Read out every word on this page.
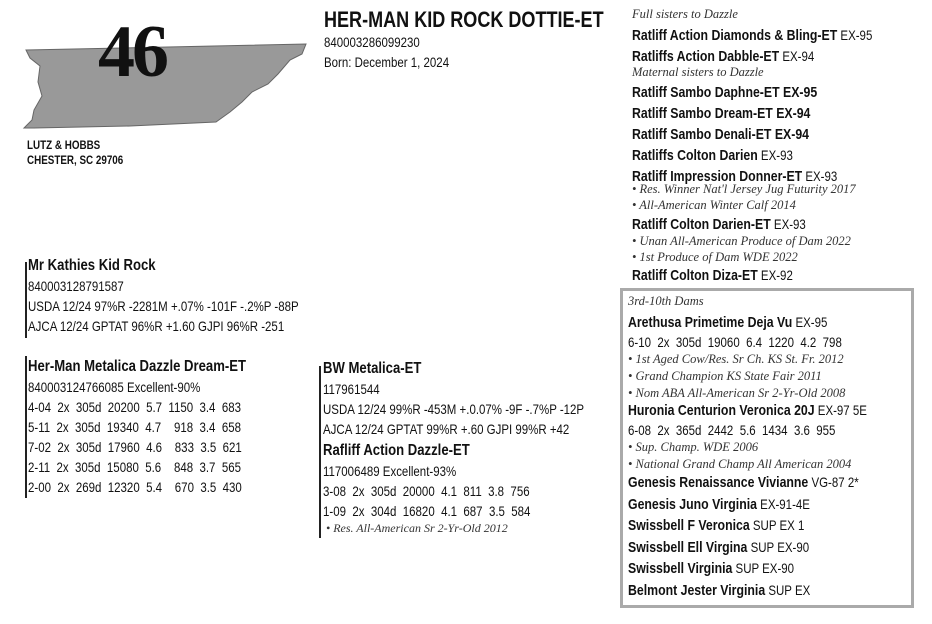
46
LUTZ & HOBBS
CHESTER, SC 29706
HER-MAN KID ROCK DOTTIE-ET
840003286099230
Born: December 1, 2024
Mr Kathies Kid Rock
840003128791587
USDA 12/24 97%R -2281M +.07% -101F -.2%P -88P
AJCA 12/24 GPTAT 96%R +1.60 GJPI 96%R -251
Her-Man Metalica Dazzle Dream-ET
840003124766085 Excellent-90%
4-04  2x  305d  20200  5.7  1150  3.4  683
5-11  2x  305d  19340  4.7    918  3.4  658
7-02  2x  305d  17960  4.6    833  3.5  621
2-11  2x  305d  15080  5.6    848  3.7  565
2-00  2x  269d  12320  5.4    670  3.5  430
BW Metalica-ET
117961544
USDA 12/24 99%R -453M +.0.07% -9F -.7%P -12P
AJCA 12/24 GPTAT 99%R +.60 GJPI 99%R +42
Rafliff Action Dazzle-ET
117006489 Excellent-93%
3-08  2x  305d  20000  4.1  811  3.8  756
1-09  2x  304d  16820  4.1  687  3.5  584
• Res. All-American Sr 2-Yr-Old 2012
Full sisters to Dazzle
Ratliff Action Diamonds & Bling-ET EX-95
Ratliffs Action Dabble-ET EX-94
Maternal sisters to Dazzle
Ratliff Sambo Daphne-ET EX-95
Ratliff Sambo Dream-ET EX-94
Ratliff Sambo Denali-ET EX-94
Ratliffs Colton Darien EX-93
Ratliff Impression Donner-ET EX-93
• Res. Winner Nat'l Jersey Jug Futurity 2017
• All-American Winter Calf 2014
Ratliff Colton Darien-ET EX-93
• Unan All-American Produce of Dam 2022
• 1st Produce of Dam WDE 2022
Ratliff Colton Diza-ET EX-92
3rd-10th Dams
Arethusa Primetime Deja Vu EX-95
6-10  2x  305d  19060  6.4  1220  4.2  798
• 1st Aged Cow/Res. Sr Ch. KS St. Fr. 2012
• Grand Champion KS State Fair 2011
• Nom ABA All-American Sr 2-Yr-Old 2008
Huronia Centurion Veronica 20J EX-97 5E
6-08  2x  365d  2442  5.6  1434  3.6  955
• Sup. Champ. WDE 2006
• National Grand Champ All American 2004
Genesis Renaissance Vivianne VG-87 2*
Genesis Juno Virginia EX-91-4E
Swissbell F Veronica SUP EX 1
Swissbell Ell Virgina SUP EX-90
Swissbell Virginia SUP EX-90
Belmont Jester Virginia SUP EX
